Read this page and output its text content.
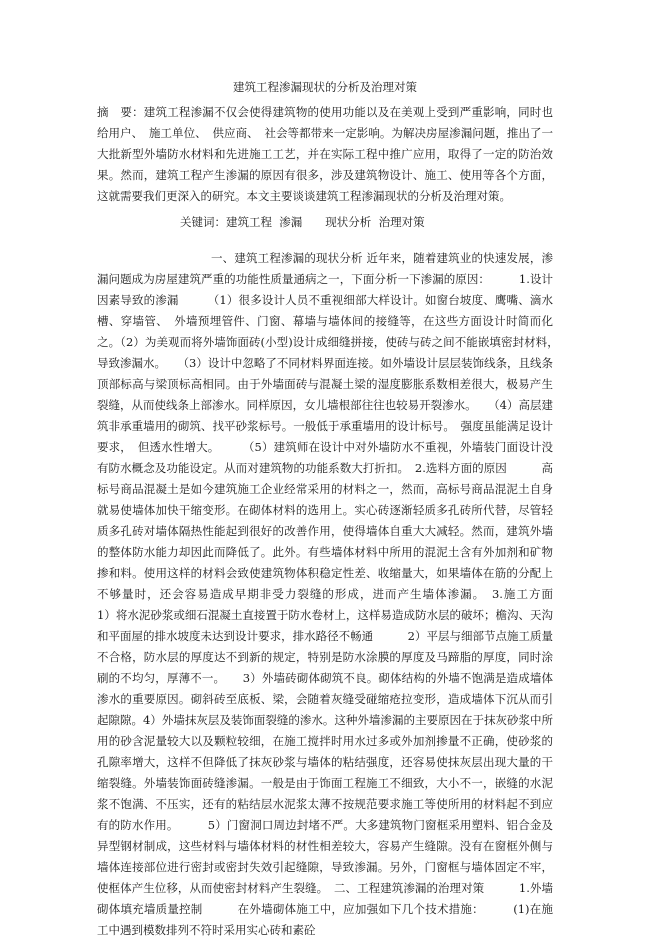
建筑工程渗漏现状的分析及治理对策
摘　要：建筑工程渗漏不仅会使得建筑物的使用功能以及在美观上受到严重影响，同时也给用户、　施工单位、　供应商、　社会等都带来一定影响。为解决房屋渗漏问题，推出了一大批新型外墙防水材料和先进施工工艺，并在实际工程中推广应用，取得了一定的防治效果。然而，建筑工程产生渗漏的原因有很多，涉及建筑物设计、施工、使用等各个方面，这就需要我们更深入的研究。本文主要谈谈建筑工程渗漏现状的分析及治理对策。
关键词：建筑工程  渗漏　　现状分析  治理对策
一、建筑工程渗漏的现状分析 近年来，随着建筑业的快速发展，渗漏问题成为房屋建筑严重的功能性质量通病之一，下面分析一下渗漏的原因：　　　1.设计因素导致的渗漏　　　（1）很多设计人员不重视细部大样设计。如窗台坡度、鹰嘴、滴水槽、穿墙管、　外墙预埋管件、门窗、幕墙与墙体间的接缝等，在这些方面设计时简而化之。（2）为美观而将外墙饰面砖(小型)设计成细缝拼接，使砖与砖之间不能嵌填密封材料，　导致渗漏水。　　（3）设计中忽略了不同材料界面连接。如外墙设计层层装饰线条，且线条顶部标高与梁顶标高相同。由于外墙面砖与混凝土梁的湿度膨胀系数相差很大，极易产生裂缝，从而使线条上部渗水。同样原因，女儿墙根部往往也较易开裂渗水。　　（4）高层建筑非承重墙用的砌筑、找平砂浆标号。一般低于承重墙用的设计标号。　强度虽能满足设计要求，　但透水性增大。　　　（5）建筑师在设计中对外墙防水不重视，外墙装门面设计没有防水概念及功能设定。从而对建筑物的功能系数大打折扣。　2.选料方面的原因　　　高标号商品混凝土是如今建筑施工企业经常采用的材料之一，然而，高标号商品混泥土自身就易使墙体加快干缩变形。在砌体材料的选用上。实心砖逐渐轻质多孔砖所代替，尽管轻质多孔砖对墙体隔热性能起到很好的改善作用，使得墙体自重大大减轻。然而，建筑外墙的整体防水能力却因此而降低了。此外。有些墙体材料中所用的混泥土含有外加剂和矿物掺和料。使用这样的材料会致使建筑物体积稳定性差、收缩量大，如果墙体在筋的分配上不够量时，还会容易造成早期非受力裂缝的形成，进而产生墙体渗漏。　3.施工方面　　　1）将水泥砂浆或细石混凝土直接置于防水卷材上，这样易造成防水层的破坏；檐沟、天沟和平面屋的排水坡度未达到设计要求，排水路径不畅通　　　2）平层与细部节点施工质量不合格，防水层的厚度达不到新的规定，特别是防水涂膜的厚度及马蹄脂的厚度，同时涂刷的不均匀，厚薄不一。　　3）外墙砖砌体砌筑不良。砌体结构的外墙不饱满是造成墙体渗水的重要原因。砌斜砖至底板、梁，会随着灰缝受碰缩疮拉变形，造成墙体下沉从而引起隙隙。4）外墙抹灰层及装饰面裂缝的渗水。这种外墙渗漏的主要原因在于抹灰砂浆中所用的砂含泥量较大以及颗粒较细，在施工搅拌时用水过多或外加剂掺量不正确，使砂浆的孔隙率增大，这样不但降低了抹灰砂浆与墙体的粘结强度，还容易使抹灰层出现大量的干缩裂缝。外墙装饰面砖缝渗漏。一般是由于饰面工程施工不细致，大小不一，嵌缝的水泥浆不饱满、不压实，还有的粘结层水泥浆太薄不按规范要求施工等使所用的材料起不到应有的防水作用。　　　5）门窗洞口周边封堵不严。大多建筑物门窗框采用塑料、铝合金及异型钢材制成，这些材料与墙体材料的材性相差较大，容易产生缝隙。没有在窗框外侧与墙体连接部位进行密封或密封失效引起缝隙，导致渗漏。另外，门窗框与墙体固定不牢，使框体产生位移，从而使密封材料产生裂缝。　二、工程建筑渗漏的治理对策　　　1.外墙砌体填充墙质量控制　　　在外墙砌体施工中，应加强如下几个技术措施：　　　(1)在施工中遇到模数排列不符时采用实心砖和素砼
